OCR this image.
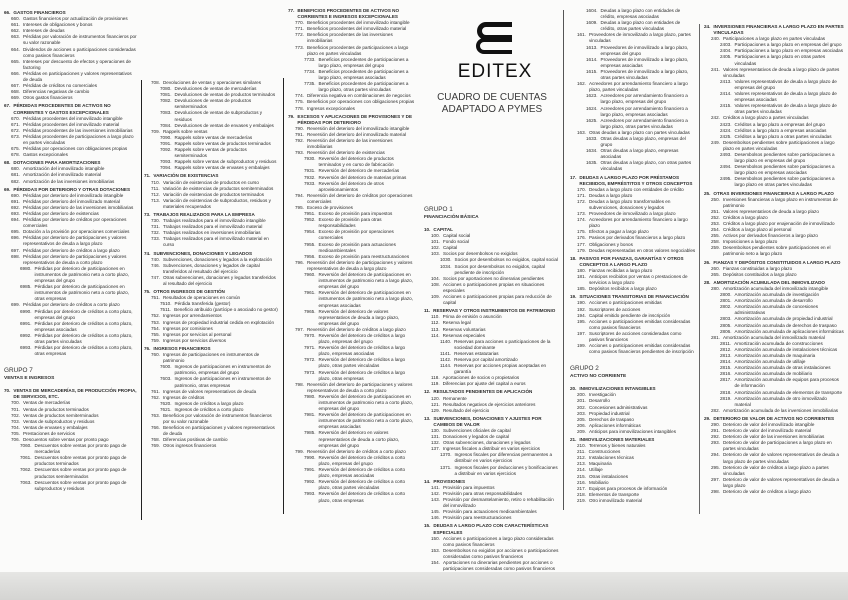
EDITEX
CUADRO DE CUENTAS
ADAPTADO A PYMES
66. GASTOS FINANCIEROS
660. Gastos financieros por actualización de provisiones
661. Intereses de obligaciones y bonos
662. Intereses de deudas
663. Pérdidas por valoración de instrumentos financieros por su valor razonable
664. Dividendos de acciones o participaciones consideradas como pasivos financieros
665. Intereses por descuento de efectos y operaciones de factoring
666. Pérdidas en participaciones y valores representativos de deuda
667. Pérdidas de créditos no comerciales
668. Diferencias negativas de cambio
669. Otros gastos financieros
67. PÉRDIDAS PROCEDENTES DE ACTIVOS NO CORRIENTES Y GASTOS EXCEPCIONALES
670. Pérdidas procedentes del inmovilizado intangible
671. Pérdidas procedentes del inmovilizado material
672. Pérdidas procedentes de las inversiones inmobiliarias
673. Pérdidas procedentes de participaciones a largo plazo en partes vinculadas
675. Pérdidas por operaciones con obligaciones propias
678. Gastos excepcionales
68. DOTACIONES PARA AMORTIZACIONES
680. Amortización del inmovilizado intangible
681. Amortización del inmovilizado material
682. Amortización de las inversiones inmobiliarias
69. PÉRDIDAS POR DETERIORO Y OTRAS DOTACIONES
690. Pérdidas por deterioro del inmovilizado intangible
691. Pérdidas por deterioro del inmovilizado material
692. Pérdidas por deterioro de las inversiones inmobiliarias
693. Pérdidas por deterioro de existencias
694. Pérdidas por deterioro de créditos por operaciones comerciales
695. Dotación a la provisión por operaciones comerciales
696. Pérdidas por deterioro de participaciones y valores representativos de deuda a largo plazo
697. Pérdidas por deterioro de créditos a largo plazo
698. Pérdidas por deterioro de participaciones y valores representativos de deuda a corto plazo
6980. Pérdidas por deterioro de participaciones en instrumentos de patrimonio neto a corto plazo, empresas del grupo
6985. Pérdidas por deterioro de participaciones en instrumentos de patrimonio neto a corto plazo, otras empresas
699. Pérdidas por deterioro de créditos a corto plazo
6990. Pérdidas por deterioro de créditos a corto plazo, empresas del grupo
6991. Pérdidas por deterioro de créditos a corto plazo, empresas asociadas
6992. Pérdidas por deterioro de créditos a corto plazo, otras partes vinculadas
6993. Pérdidas por deterioro de créditos a corto plazo, otras empresas
GRUPO 7
VENTAS E INGRESOS
70. VENTAS DE MERCADERÍAS, DE PRODUCCIÓN PROPIA, DE SERVICIOS, ETC.
700. Ventas de mercaderías
701. Ventas de productos terminados
702. Ventas de productos semiterminados
703. Ventas de subproductos y residuos
704. Ventas de envases y embalajes
705. Prestaciones de servicios
706. Descuentos sobre ventas por pronto pago
7060. Descuentos sobre ventas por pronto pago de mercaderías
7061. Descuentos sobre ventas por pronto pago de productos terminados
7062. Descuentos sobre ventas por pronto pago de productos semiterminados
7063. Descuentos sobre ventas por pronto pago de subproductos y residuos
708. Devoluciones de ventas y operaciones similares
7080. Devoluciones de ventas de mercaderías
7081. Devoluciones de ventas de productos terminados
7082. Devoluciones de ventas de productos semiterminados
7083. Devoluciones de ventas de subproductos y residuos
7084. Devoluciones de ventas de envases y embalajes
709. Rappels sobre ventas
7090. Rappels sobre ventas de mercaderías
7091. Rappels sobre ventas de productos terminados
7092. Rappels sobre ventas de productos semiterminados
7093. Rappels sobre ventas de subproductos y residuos
7094. Rappels sobre ventas de envases y embalajes
71. VARIACIÓN DE EXISTENCIAS
710. Variación de existencias de productos en curso
711. Variación de existencias de productos semiterminados
712. Variación de existencias de productos terminados
713. Variación de existencias de subproductos, residuos y materiales recuperados
73. TRABAJOS REALIZADOS PARA LA EMPRESA
730. Trabajos realizados para el inmovilizado intangible
731. Trabajos realizados para el inmovilizado material
732. Trabajos realizados en inversiones inmobiliarias
733. Trabajos realizados para el inmovilizado material en curso
74. SUBVENCIONES, DONACIONES Y LEGADOS
740. Subvenciones, donaciones y legados a la explotación
746. Subvenciones, donaciones y legados de capital transferidos al resultado del ejercicio
747. Otras subvenciones, donaciones y legados transferidos al resultado del ejercicio
75. OTROS INGRESOS DE GESTIÓN
751. Resultados de operaciones en común
7510. Pérdida transferida (gestor)
7511. Beneficio atribuido (partícipe o asociado no gestor)
752. Ingresos por arrendamientos
753. Ingresos de propiedad industrial cedida en explotación
754. Ingresos por comisiones
755. Ingresos por servicios al personal
759. Ingresos por servicios diversos
76. INGRESOS FINANCIEROS
760. Ingresos de participaciones en instrumentos de patrimonio
7600. Ingresos de participaciones en instrumentos de patrimonio, empresas del grupo
7603. Ingresos de participaciones en instrumentos de patrimonio, otras empresas
761. Ingresos de valores representativos de deuda
762. Ingresos de créditos
7620. Ingresos de créditos a largo plazo
7621. Ingresos de créditos a corto plazo
763. Beneficios por valoración de instrumentos financieros por su valor razonable
766. Beneficios en participaciones y valores representativos de deuda
768. Diferencias positivas de cambio
769. Otros ingresos financieros
77. BENEFICIOS PROCEDENTES DE ACTIVOS NO CORRIENTES E INGRESOS EXCEPCIONALES
770. Beneficios procedentes del inmovilizado intangible
771. Beneficios procedentes del inmovilizado material
772. Beneficios procedentes de las inversiones inmobiliarias
773. Beneficios procedentes de participaciones a largo plazo en partes vinculadas
7733. Beneficios procedentes de participaciones a largo plazo, empresas del grupo
7734. Beneficios procedentes de participaciones a largo plazo, empresas asociadas
7735. Beneficios procedentes de participaciones a largo plazo, otras partes vinculadas
774. Diferencia negativa en combinaciones de negocios
775. Beneficios por operaciones con obligaciones propias
778. Ingresos excepcionales
79. EXCESOS Y APLICACIONES DE PROVISIONES Y DE PÉRDIDAS POR DETERIORO
790. Reversión del deterioro del inmovilizado intangible
791. Reversión del deterioro del inmovilizado material
792. Reversión del deterioro de las inversiones inmobiliarias
793. Reversión del deterioro de existencias
7930. Reversión del deterioro de productos terminados y en curso de fabricación
7931. Reversión del deterioro de mercaderías
7932. Reversión del deterioro de materias primas
7933. Reversión del deterioro de otros aprovisionamientos
794. Reversión del deterioro de créditos por operaciones comerciales
795. Exceso de provisiones
7951. Exceso de provisión para impuestos
7952. Exceso de provisión para otras responsabilidades
7954. Exceso de provisión por operaciones comerciales
7955. Exceso de provisión para actuaciones medioambientales
7956. Exceso de provisión para reestructuraciones
796. Reversión del deterioro de participaciones y valores representativos de deuda a largo plazo
7960. Reversión del deterioro de participaciones en instrumentos de patrimonio neto a largo plazo, empresas del grupo
7961. Reversión del deterioro de participaciones en instrumentos de patrimonio neto a largo plazo, empresas asociadas
7965. Reversión del deterioro de valores representativos de deuda a largo plazo, empresas del grupo
797. Reversión del deterioro de créditos a largo plazo
7970. Reversión del deterioro de créditos a largo plazo, empresas del grupo
7971. Reversión del deterioro de créditos a largo plazo, empresas asociadas
7972. Reversión del deterioro de créditos a largo plazo, otras partes vinculadas
7973. Reversión del deterioro de créditos a largo plazo, otras empresas
798. Reversión del deterioro de participaciones y valores representativos de deuda a corto plazo
7980. Reversión del deterioro de participaciones en instrumentos de patrimonio neto a corto plazo, empresas del grupo
7981. Reversión del deterioro de participaciones en instrumentos de patrimonio neto a corto plazo, empresas asociadas
7985. Reversión del deterioro en valores representativos de deuda a corto plazo, empresas del grupo
799. Reversión del deterioro de créditos a corto plazo
7990. Reversión del deterioro de créditos a corto plazo, empresas del grupo
7991. Reversión del deterioro de créditos a corto plazo, empresas asociadas
7992. Reversión del deterioro de créditos a corto plazo, otras partes vinculadas
7993. Reversión del deterioro de créditos a corto plazo, otras empresas
GRUPO 1
FINANCIACIÓN BÁSICA
10. CAPITAL
100. Capital social
101. Fondo social
102. Capital
103. Socios por desembolsos no exigidos
1030. Socios por desembolsos no exigidos, capital social
1034. Socios por desembolsos no exigidos, capital pendiente de inscripción
104. Socios por aportaciones no dinerarias pendientes
108. Acciones o participaciones propias en situaciones especiales
109. Acciones o participaciones propias para reducción de capital
11. RESERVAS Y OTROS INSTRUMENTOS DE PATRIMONIO
110. Prima de emisión o asunción
112. Reserva legal
113. Reservas voluntarias
114. Reservas especiales
1140. Reservas para acciones o participaciones de la sociedad dominante
1141. Reservas estatutarias
1142. Reserva por capital amortizado
1144. Reservas por acciones propias aceptadas en garantía
118. Aportaciones de socios o propietarios
119. Diferencias por ajuste del capital a euros
12. RESULTADOS PENDIENTES DE APLICACIÓN
120. Remanente
121. Resultados negativos de ejercicios anteriores
129. Resultado del ejercicio
13. SUBVENCIONES, DONACIONES Y AJUSTES POR CAMBIOS DE VALOR
130. Subvenciones oficiales de capital
131. Donaciones y legados de capital
132. Otras subvenciones, donaciones y legados
137. Ingresos fiscales a distribuir en varios ejercicios
1370. Ingresos fiscales por diferencias permanentes a distribuir en varios ejercicios
1371. Ingresos fiscales por deducciones y bonificaciones a distribuir en varios ejercicios
14. PROVISIONES
141. Provisión para impuestos
142. Provisión para otras responsabilidades
143. Provisión por desmantelamiento, retiro o rehabilitación del inmovilizado
145. Provisión para actuaciones medioambientales
146. Provisión para reestructuraciones
15. DEUDAS A LARGO PLAZO CON CARACTERÍSTICAS ESPECIALES
150. Acciones o participaciones a largo plazo consideradas como pasivos financieros
153. Desembolsos no exigidos por acciones o participaciones consideradas como pasivos financieros
154. Aportaciones no dinerarias pendientes por acciones o participaciones consideradas como pasivos financieros
1604. Deudas a largo plazo con entidades de crédito, empresas asociadas
1609. Deudas a largo plazo con entidades de crédito, otras partes vinculadas
161. Proveedores de inmovilizado a largo plazo, partes vinculadas
1613. Proveedores de inmovilizado a largo plazo, empresas del grupo
1614. Proveedores de inmovilizado a largo plazo, empresas asociadas
1615. Proveedores de inmovilizado a largo plazo, otras partes vinculadas
162. Acreedores por arrendamiento financiero a largo plazo, partes vinculadas
1623. Acreedores por arrendamiento financiero a largo plazo, empresas del grupo
1624. Acreedores por arrendamiento financiero a largo plazo, empresas asociadas
1625. Acreedores por arrendamiento financiero a largo plazo, otras partes vinculadas
163. Otras deudas a largo plazo con partes vinculadas
1633. Otras deudas a largo plazo, empresas del grupo
1634. Otras deudas a largo plazo, empresas asociadas
1635. Otras deudas a largo plazo, con otras partes vinculadas
17. DEUDAS A LARGO PLAZO POR PRÉSTAMOS RECIBIDOS, EMPRÉSTITOS Y OTROS CONCEPTOS
170. Deudas a largo plazo con entidades de crédito
171. Deudas a largo plazo
172. Deudas a largo plazo transformables en subvenciones, donaciones y legados
173. Proveedores de inmovilizado a largo plazo
174. Acreedores por arrendamiento financiero a largo plazo
175. Efectos a pagar a largo plazo
176. Pasivos por derivados financieros a largo plazo
177. Obligaciones y bonos
179. Deudas representadas en otros valores negociables
18. PASIVOS POR FIANZAS, GARANTÍAS Y OTROS CONCEPTOS A LARGO PLAZO
180. Fianzas recibidas a largo plazo
181. Anticipos recibidos por ventas o prestaciones de servicios a largo plazo
185. Depósitos recibidos a largo plazo
19. SITUACIONES TRANSITORIAS DE FINANCIACIÓN
190. Acciones o participaciones emitidas
192. Suscriptores de acciones
194. Capital emitido pendiente de inscripción
195. Acciones o participaciones emitidas consideradas como pasivos financieros
197. Suscriptores de acciones consideradas como pasivos financieros
199. Acciones o participaciones emitidas consideradas como pasivos financieros pendientes de inscripción
GRUPO 2
ACTIVO NO CORRIENTE
20. INMOVILIZACIONES INTANGIBLES
200. Investigación
201. Desarrollo
202. Concesiones administrativas
203. Propiedad industrial
205. Derechos de traspaso
206. Aplicaciones informáticas
209. Anticipos para inmovilizaciones intangibles
21. INMOVILIZACIONES MATERIALES
210. Terrenos y bienes naturales
211. Construcciones
212. Instalaciones técnicas
213. Maquinaria
214. Utillaje
215. Otras instalaciones
216. Mobiliario
217. Equipos para procesos de información
218. Elementos de transporte
219. Otro inmovilizado material
24. INVERSIONES FINANCIERAS A LARGO PLAZO EN PARTES VINCULADAS
240. Participaciones a largo plazo en partes vinculadas
2403. Participaciones a largo plazo en empresas del grupo
2404. Participaciones a largo plazo en empresas asociadas
2405. Participaciones a largo plazo en otras partes vinculadas
241. Valores representativos de deuda a largo plazo de partes vinculadas
2413. Valores representativos de deuda a largo plazo de empresas del grupo
2414. Valores representativos de deuda a largo plazo de empresas asociadas
2415. Valores representativos de deuda a largo plazo de otras partes vinculadas
242. Créditos a largo plazo a partes vinculadas
2423. Créditos a largo plazo a empresas del grupo
2424. Créditos a largo plazo a empresas asociadas
2425. Créditos a largo plazo a otras partes vinculadas
249. Desembolsos pendientes sobre participaciones a largo plazo en partes vinculadas
2493. Desembolsos pendientes sobre participaciones a largo plazo en empresas del grupo
2494. Desembolsos pendientes sobre participaciones a largo plazo en empresas asociadas
2495. Desembolsos pendientes sobre participaciones a largo plazo en otras partes vinculadas
25. OTRAS INVERSIONES FINANCIERAS A LARGO PLAZO
250. Inversiones financieras a largo plazo en instrumentos de patrimonio
251. Valores representativos de deuda a largo plazo
252. Créditos a largo plazo
253. Créditos a largo plazo por enajenación de inmovilizado
254. Créditos a largo plazo al personal
255. Activos por derivados financieros a largo plazo
258. Imposiciones a largo plazo
259. Desembolsos pendientes sobre participaciones en el patrimonio neto a largo plazo
26. FIANZAS Y DEPÓSITOS CONSTITUIDOS A LARGO PLAZO
260. Fianzas constituidas a largo plazo
265. Depósitos constituidos a largo plazo
28. AMORTIZACIÓN ACUMULADA DEL INMOVILIZADO
280. Amortización acumulada del inmovilizado intangible
2800. Amortización acumulada de investigación
2801. Amortización acumulada de desarrollo
2802. Amortización acumulada de concesiones administrativas
2803. Amortización acumulada de propiedad industrial
2805. Amortización acumulada de derechos de traspaso
2806. Amortización acumulada de aplicaciones informáticas
281. Amortización acumulada del inmovilizado material
2811. Amortización acumulada de construcciones
2812. Amortización acumulada de instalaciones técnicas
2813. Amortización acumulada de maquinaria
2814. Amortización acumulada de utillaje
2815. Amortización acumulada de otras instalaciones
2816. Amortización acumulada de mobiliario
2817. Amortización acumulada de equipos para procesos de información
2818. Amortización acumulada de elementos de transporte
2819. Amortización acumulada de otro inmovilizado material
282. Amortización acumulada de las inversiones inmobiliarias
29. DETERIORO DE VALOR DE ACTIVOS NO CORRIENTES
290. Deterioro de valor del inmovilizado intangible
291. Deterioro de valor del inmovilizado material
292. Deterioro de valor de las inversiones inmobiliarias
293. Deterioro de valor de participaciones a largo plazo en partes vinculadas
294. Deterioro de valor de valores representativos de deuda a largo plazo de partes vinculadas
295. Deterioro de valor de créditos a largo plazo a partes vinculadas
297. Deterioro de valor de valores representativos de deuda a largo plazo
298. Deterioro de valor de créditos a largo plazo
